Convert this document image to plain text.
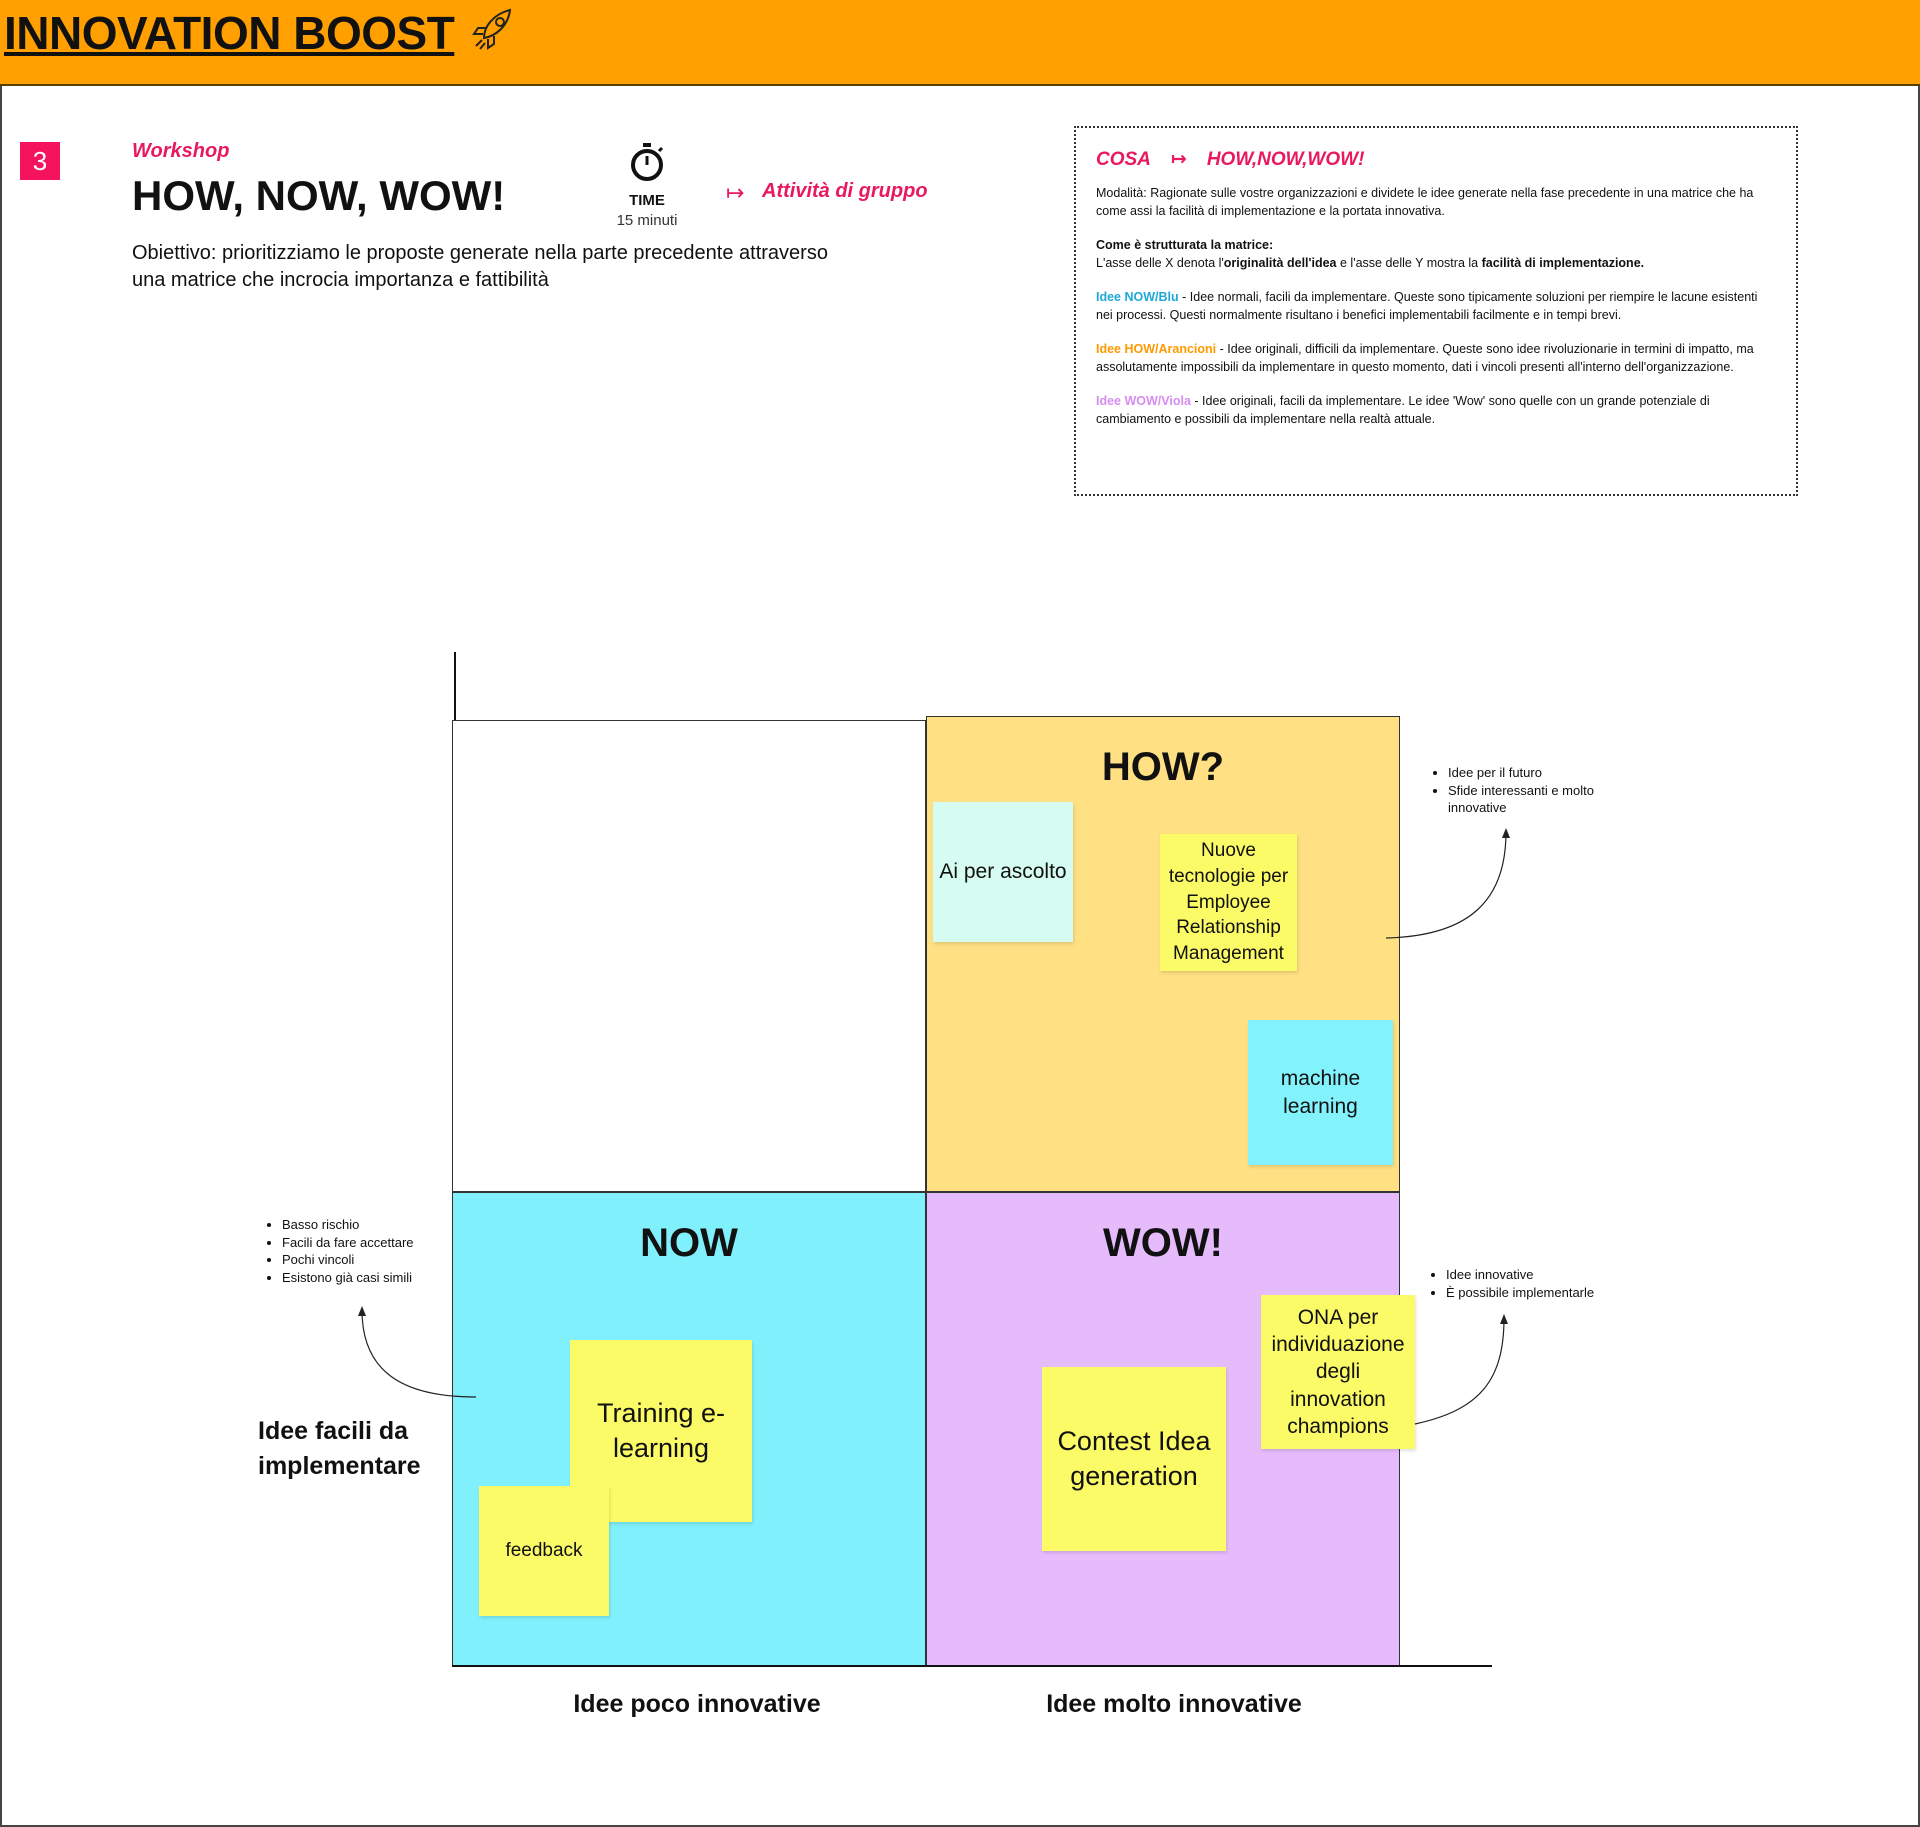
INNOVATION BOOST
3	Workshop
HOW, NOW, WOW!
Obiettivo: prioritizziamo le proposte generate nella parte precedente attraverso una matrice che incrocia importanza e fattibilità
TIME
15 minuti
↦ Attività di gruppo
COSA ↦ HOW,NOW,WOW!

Modalità: Ragionate sulle vostre organizzazioni e dividete le idee generate nella fase precedente in una matrice che ha come assi la facilità di implementazione e la portata innovativa.

Come è strutturata la matrice:
L'asse delle X denota l'originalità dell'idea e l'asse delle Y mostra la facilità di implementazione.

Idee NOW/Blu - Idee normali, facili da implementare. Queste sono tipicamente soluzioni per riempire le lacune esistenti nei processi. Questi normalmente risultano i benefici implementabili facilmente e in tempi brevi.

Idee HOW/Arancioni - Idee originali, difficili da implementare. Queste sono idee rivoluzionarie in termini di impatto, ma assolutamente impossibili da implementare in questo momento, dati i vincoli presenti all'interno dell'organizzazione.

Idee WOW/Viola - Idee originali, facili da implementare. Le idee 'Wow' sono quelle con un grande potenziale di cambiamento e possibili da implementare nella realtà attuale.

HOW?
NOW	WOW!
Ai per ascolto
Nuove tecnologie per Employee Relationship Management
machine learning
Training e-learning
feedback
Contest Idea generation
ONA per individuazione degli innovation champions
• Idee per il futuro
• Sfide interessanti e molto innovative
• Basso rischio
• Facili da fare accettare
• Pochi vincoli
• Esistono già casi simili
•	Idee innovative
• È possibile implementarle
Idee facili da implementare
Idee poco innovative	Idee molto innovative
